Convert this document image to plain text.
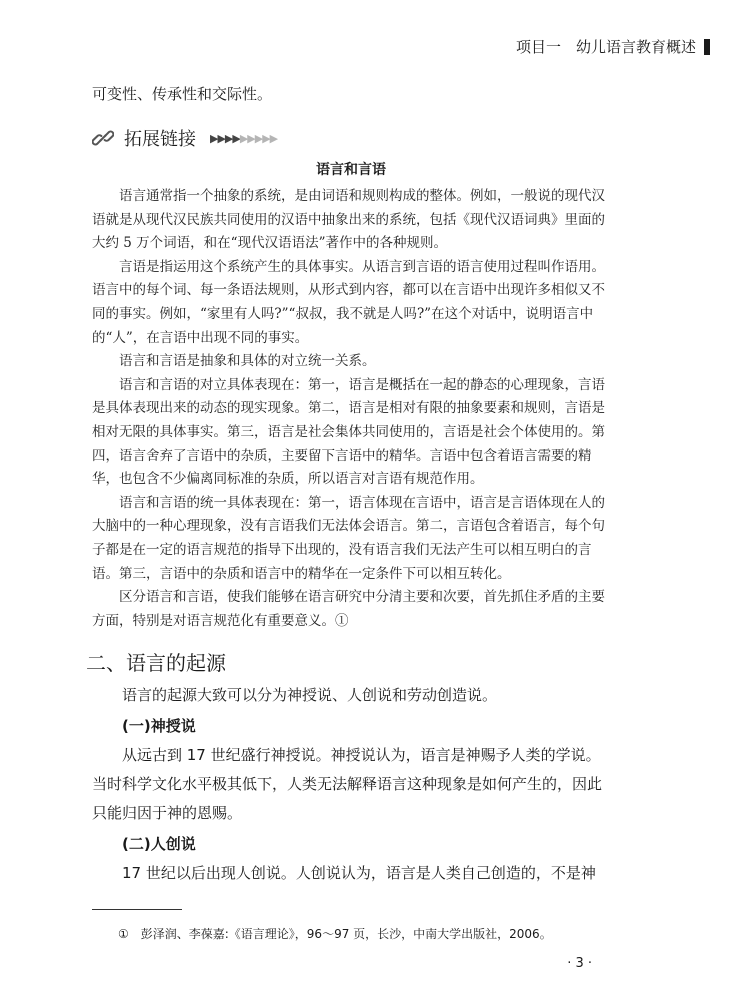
项目一　幼儿语言教育概述

可变性、传承性和交际性。

拓展链接 ▶▶▶▶▶▶▶▶▶
语言和言语

语言通常指一个抽象的系统，是由词语和规则构成的整体。例如，一般说的现代汉语就是从现代汉民族共同使用的汉语中抽象出来的系统，包括《现代汉语词典》里面的大约 5 万个词语，和在“现代汉语语法”著作中的各种规则。

言语是指运用这个系统产生的具体事实。从语言到言语的语言使用过程叫作语用。语言中的每个词、每一条语法规则，从形式到内容，都可以在言语中出现许多相似又不同的事实。例如，“家里有人吗?”“叔叔，我不就是人吗?”在这个对话中，说明语言中的“人”，在言语中出现不同的事实。

语言和言语是抽象和具体的对立统一关系。

语言和言语的对立具体表现在：第一，语言是概括在一起的静态的心理现象，言语是具体表现出来的动态的现实现象。第二，语言是相对有限的抽象要素和规则，言语是相对无限的具体事实。第三，语言是社会集体共同使用的，言语是社会个体使用的。第四，语言舍弃了言语中的杂质，主要留下言语中的精华。言语中包含着语言需要的精华，也包含不少偏离同标准的杂质，所以语言对言语有规范作用。

语言和言语的统一具体表现在：第一，语言体现在言语中，语言是言语体现在人的大脑中的一种心理现象，没有言语我们无法体会语言。第二，言语包含着语言，每个句子都是在一定的语言规范的指导下出现的，没有语言我们无法产生可以相互明白的言语。第三，言语中的杂质和语言中的精华在一定条件下可以相互转化。

区分语言和言语，使我们能够在语言研究中分清主要和次要，首先抓住矛盾的主要方面，特别是对语言规范化有重要意义。①

二、语言的起源

语言的起源大致可以分为神授说、人创说和劳动创造说。

(一)神授说

从远古到 17 世纪盛行神授说。神授说认为，语言是神赐予人类的学说。当时科学文化水平极其低下，人类无法解释语言这种现象是如何产生的，因此只能归因于神的恩赐。

(二)人创说

17 世纪以后出现人创说。人创说认为，语言是人类自己创造的，不是神

①　彭泽润、李葆嘉:《语言理论》，96～97 页，长沙，中南大学出版社，2006。
· 3 ·
